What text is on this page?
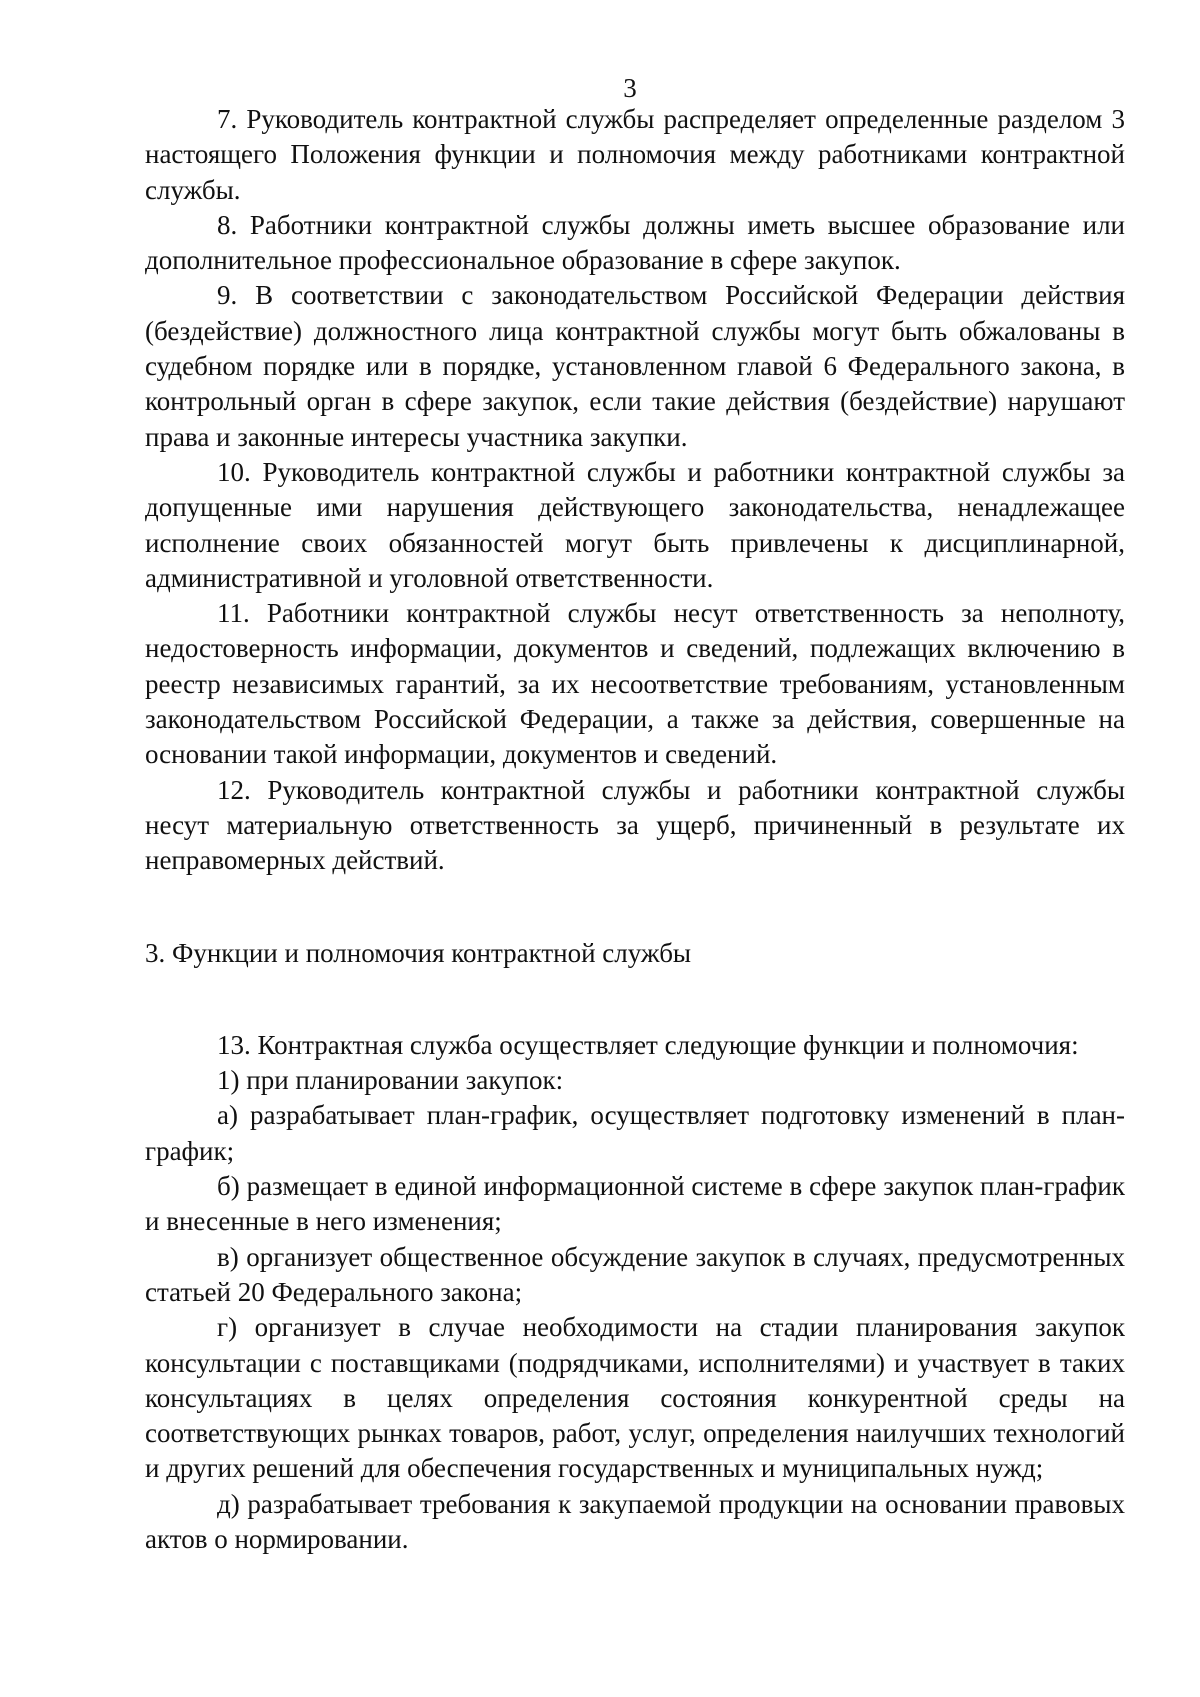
3

7. Руководитель контрактной службы распределяет определенные разделом 3 настоящего Положения функции и полномочия между работниками контрактной службы.

8. Работники контрактной службы должны иметь высшее образование или дополнительное профессиональное образование в сфере закупок.

9. В соответствии с законодательством Российской Федерации действия (бездействие) должностного лица контрактной службы могут быть обжалованы в судебном порядке или в порядке, установленном главой 6 Федерального закона, в контрольный орган в сфере закупок, если такие действия (бездействие) нарушают права и законные интересы участника закупки.

10. Руководитель контрактной службы и работники контрактной службы за допущенные ими нарушения действующего законодательства, ненадлежащее исполнение своих обязанностей могут быть привлечены к дисциплинарной, административной и уголовной ответственности.

11. Работники контрактной службы несут ответственность за неполноту, недостоверность информации, документов и сведений, подлежащих включению в реестр независимых гарантий, за их несоответствие требованиям, установленным законодательством Российской Федерации, а также за действия, совершенные на основании такой информации, документов и сведений.

12. Руководитель контрактной службы и работники контрактной службы несут материальную ответственность за ущерб, причиненный в результате их неправомерных действий.

3. Функции и полномочия контрактной службы

13. Контрактная служба осуществляет следующие функции и полномочия:

1) при планировании закупок:

а) разрабатывает план-график, осуществляет подготовку изменений в план-график;

б) размещает в единой информационной системе в сфере закупок план-график и внесенные в него изменения;

в) организует общественное обсуждение закупок в случаях, предусмотренных статьей 20 Федерального закона;

г) организует в случае необходимости на стадии планирования закупок консультации с поставщиками (подрядчиками, исполнителями) и участвует в таких консультациях в целях определения состояния конкурентной среды на соответствующих рынках товаров, работ, услуг, определения наилучших технологий и других решений для обеспечения государственных и муниципальных нужд;

д) разрабатывает требования к закупаемой продукции на основании правовых актов о нормировании.
